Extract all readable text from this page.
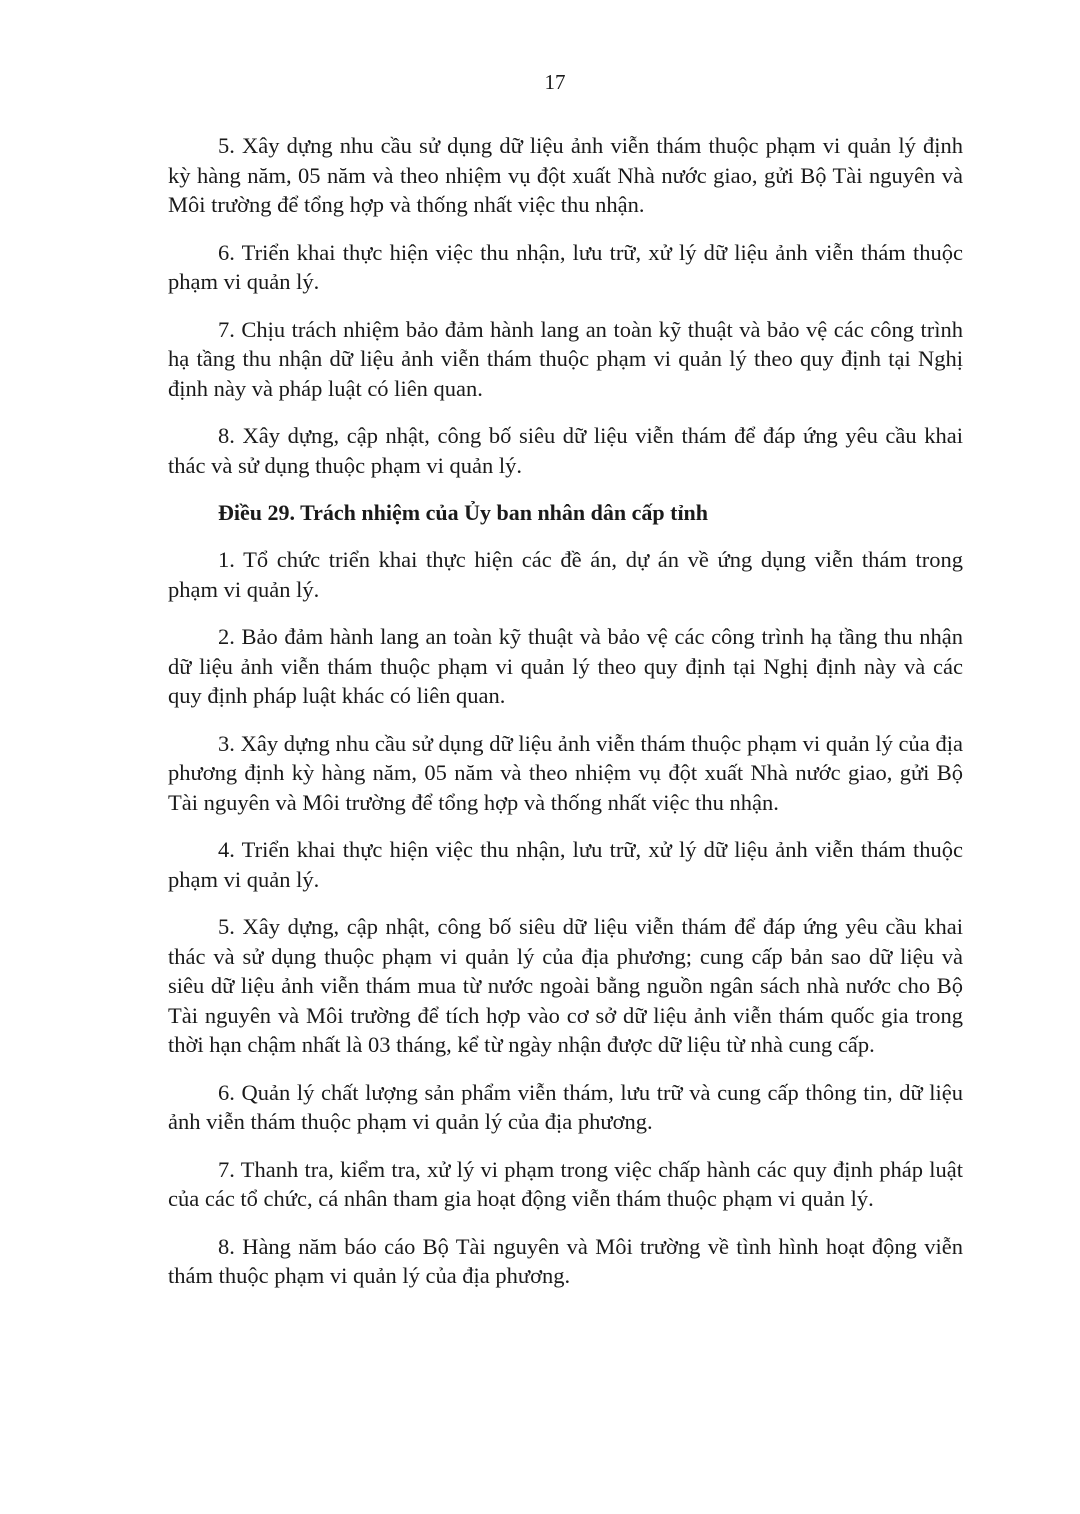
17

5. Xây dựng nhu cầu sử dụng dữ liệu ảnh viễn thám thuộc phạm vi quản lý định kỳ hàng năm, 05 năm và theo nhiệm vụ đột xuất Nhà nước giao, gửi Bộ Tài nguyên và Môi trường để tổng hợp và thống nhất việc thu nhận.

6. Triển khai thực hiện việc thu nhận, lưu trữ, xử lý dữ liệu ảnh viễn thám thuộc phạm vi quản lý.

7. Chịu trách nhiệm bảo đảm hành lang an toàn kỹ thuật và bảo vệ các công trình hạ tầng thu nhận dữ liệu ảnh viễn thám thuộc phạm vi quản lý theo quy định tại Nghị định này và pháp luật có liên quan.

8. Xây dựng, cập nhật, công bố siêu dữ liệu viễn thám để đáp ứng yêu cầu khai thác và sử dụng thuộc phạm vi quản lý.

Điều 29. Trách nhiệm của Ủy ban nhân dân cấp tỉnh

1. Tổ chức triển khai thực hiện các đề án, dự án về ứng dụng viễn thám trong phạm vi quản lý.

2. Bảo đảm hành lang an toàn kỹ thuật và bảo vệ các công trình hạ tầng thu nhận dữ liệu ảnh viễn thám thuộc phạm vi quản lý theo quy định tại Nghị định này và các quy định pháp luật khác có liên quan.

3. Xây dựng nhu cầu sử dụng dữ liệu ảnh viễn thám thuộc phạm vi quản lý của địa phương định kỳ hàng năm, 05 năm và theo nhiệm vụ đột xuất Nhà nước giao, gửi Bộ Tài nguyên và Môi trường để tổng hợp và thống nhất việc thu nhận.

4. Triển khai thực hiện việc thu nhận, lưu trữ, xử lý dữ liệu ảnh viễn thám thuộc phạm vi quản lý.

5. Xây dựng, cập nhật, công bố siêu dữ liệu viễn thám để đáp ứng yêu cầu khai thác và sử dụng thuộc phạm vi quản lý của địa phương; cung cấp bản sao dữ liệu và siêu dữ liệu ảnh viễn thám mua từ nước ngoài bằng nguồn ngân sách nhà nước cho Bộ Tài nguyên và Môi trường để tích hợp vào cơ sở dữ liệu ảnh viễn thám quốc gia trong thời hạn chậm nhất là 03 tháng, kể từ ngày nhận được dữ liệu từ nhà cung cấp.

6. Quản lý chất lượng sản phẩm viễn thám, lưu trữ và cung cấp thông tin, dữ liệu ảnh viễn thám thuộc phạm vi quản lý của địa phương.

7. Thanh tra, kiểm tra, xử lý vi phạm trong việc chấp hành các quy định pháp luật của các tổ chức, cá nhân tham gia hoạt động viễn thám thuộc phạm vi quản lý.

8. Hàng năm báo cáo Bộ Tài nguyên và Môi trường về tình hình hoạt động viễn thám thuộc phạm vi quản lý của địa phương.
